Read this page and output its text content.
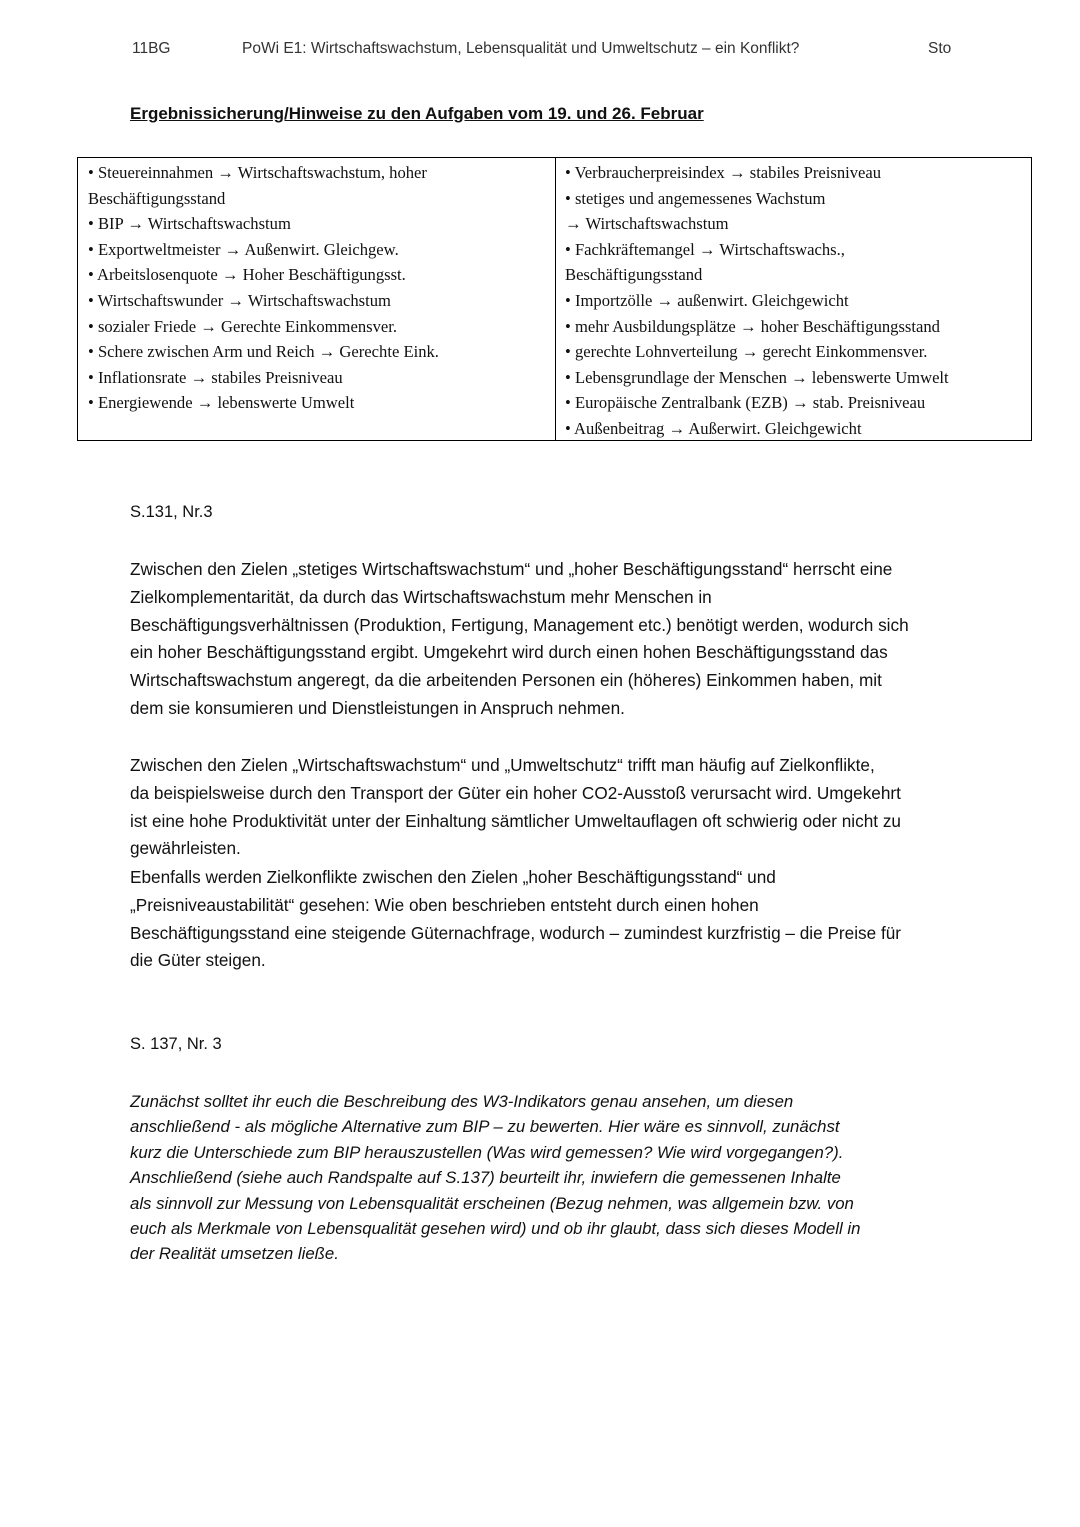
11BG	PoWi E1: Wirtschaftswachstum, Lebensqualität und Umweltschutz – ein Konflikt?	Sto
Ergebnissicherung/Hinweise zu den Aufgaben vom 19. und 26. Februar
• Steuereinnahmen → Wirtschaftswachstum, hoher
Beschäftigungsstand
• BIP → Wirtschaftswachstum
• Exportweltmeister → Außenwirt. Gleichgew.
• Arbeitslosenquote → Hoher Beschäftigungsst.
• Wirtschaftswunder → Wirtschaftswachstum
• sozialer Friede → Gerechte Einkommensver.
• Schere zwischen Arm und Reich → Gerechte Eink.
• Inflationsrate → stabiles Preisniveau
• Energiewende → lebenswerte Umwelt
• Verbraucherpreisindex → stabiles Preisniveau
• stetiges und angemessenes Wachstum
→ Wirtschaftswachstum
• Fachkräftemangel → Wirtschaftswachs.,
Beschäftigungsstand
• Importzölle → außenwirt. Gleichgewicht
• mehr Ausbildungsplätze → hoher Beschäftigungsstand
• gerechte Lohnverteilung → gerecht Einkommensver.
• Lebensgrundlage der Menschen → lebenswerte Umwelt
• Europäische Zentralbank (EZB) → stab. Preisniveau
• Außenbeitrag → Außerwirt. Gleichgewicht
S.131, Nr.3

Zwischen den Zielen „stetiges Wirtschaftswachstum“ und „hoher Beschäftigungsstand“ herrscht eine
Zielkomplementarität, da durch das Wirtschaftswachstum mehr Menschen in
Beschäftigungsverhältnissen (Produktion, Fertigung, Management etc.) benötigt werden, wodurch sich
ein hoher Beschäftigungsstand ergibt. Umgekehrt wird durch einen hohen Beschäftigungsstand das
Wirtschaftswachstum angeregt, da die arbeitenden Personen ein (höheres) Einkommen haben, mit
dem sie konsumieren und Dienstleistungen in Anspruch nehmen.

Zwischen den Zielen „Wirtschaftswachstum“ und „Umweltschutz“ trifft man häufig auf Zielkonflikte,
da beispielsweise durch den Transport der Güter ein hoher CO2-Ausstoß verursacht wird. Umgekehrt
ist eine hohe Produktivität unter der Einhaltung sämtlicher Umweltauflagen oft schwierig oder nicht zu
gewährleisten.

Ebenfalls werden Zielkonflikte zwischen den Zielen „hoher Beschäftigungsstand“ und
„Preisniveaustabilität“ gesehen: Wie oben beschrieben entsteht durch einen hohen
Beschäftigungsstand eine steigende Güternachfrage, wodurch – zumindest kurzfristig – die Preise für
die Güter steigen.

S. 137, Nr. 3

Zunächst solltet ihr euch die Beschreibung des W3-Indikators genau ansehen, um diesen
anschließend - als mögliche Alternative zum BIP – zu bewerten. Hier wäre es sinnvoll, zunächst
kurz die Unterschiede zum BIP herauszustellen (Was wird gemessen? Wie wird vorgegangen?).
Anschließend (siehe auch Randspalte auf S.137) beurteilt ihr, inwiefern die gemessenen Inhalte
als sinnvoll zur Messung von Lebensqualität erscheinen (Bezug nehmen, was allgemein bzw. von
euch als Merkmale von Lebensqualität gesehen wird) und ob ihr glaubt, dass sich dieses Modell in
der Realität umsetzen ließe.
